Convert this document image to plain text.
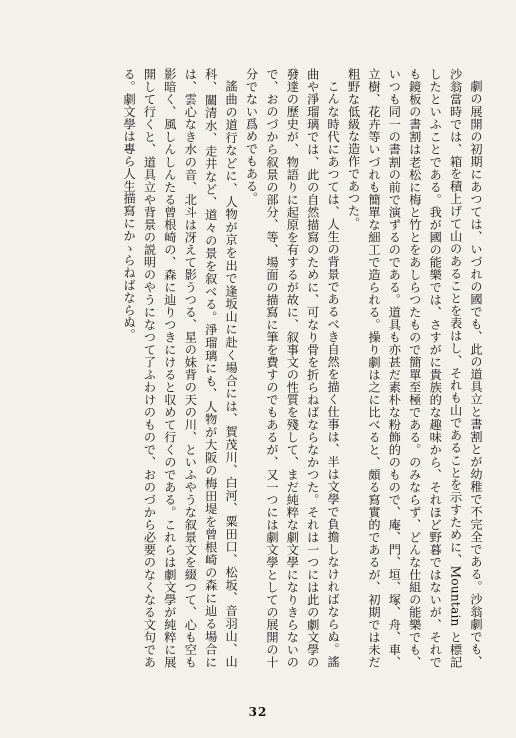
劇の展開の初期にあつては、いづれの國でも、此の道具立と書割とが幼稚で不完全である。沙翁劇でも、沙翁當時では、箱を積上げて山のあることを表はし、それも山であることを示すために、Mountain と標記したといふことである。我が國の能樂では、さすがに貴族的な趣味から、それほど野暮ではないが、それでも鏡板の書割は老松に梅と竹とをあしらつたもので簡單至極である。のみならず、どんな仕組の能樂でも、いつも同一の書割の前で演ずるのである。道具も亦甚だ素朴な粉飾的のもので、庵、門、垣、塚、舟、車、立樹、花卉等いづれも簡單な細工で造られる。操り劇は之に比べると、頗る寫實的であるが、初期では未だ粗野な低級な造作であつた。

こんな時代にあつては、人生の背景であるべき自然を描く仕事は、半は文學で負擔しなければならぬ。謠曲や淨瑠璃では、此の自然描寫のために、可なり骨を折らねばならなかつた。それは一つには此の劇文學の發達の歷史が、物語りに起原を有するが故に、叙事文の性質を殘して、まだ純粹な劇文學になりきらないので、おのづから叙景の部分、等、場面の描寫に筆を費すのでもあるが、又一つには劇文學としての展開の十分でない爲めでもある。

謠曲の道行などに、人物が京を出で逢坂山に赴く場合には、賀茂川、白河、粟田口、松坂、音羽山、山科、關清水、走井など、道々の景を叙べる。淨瑠璃にも、人物が大阪の梅田堤を曾根崎の森に辿る場合には、雲心なき水の音、北斗は冴えて影うつる、星の妹背の天の川、といふやうな叙景文を綴つて、心も空も影暗く、風しんしんたる曾根崎の、森に辿りつきにけると収めて行くのである。これらは劇文學が純粹に展開して行くと、道具立や背景の説明のやうになつて了ふわけのもので、おのづから必要のなくなる文句である。劇文學は專ら人生描寫にかゝらねばならぬ。

32
